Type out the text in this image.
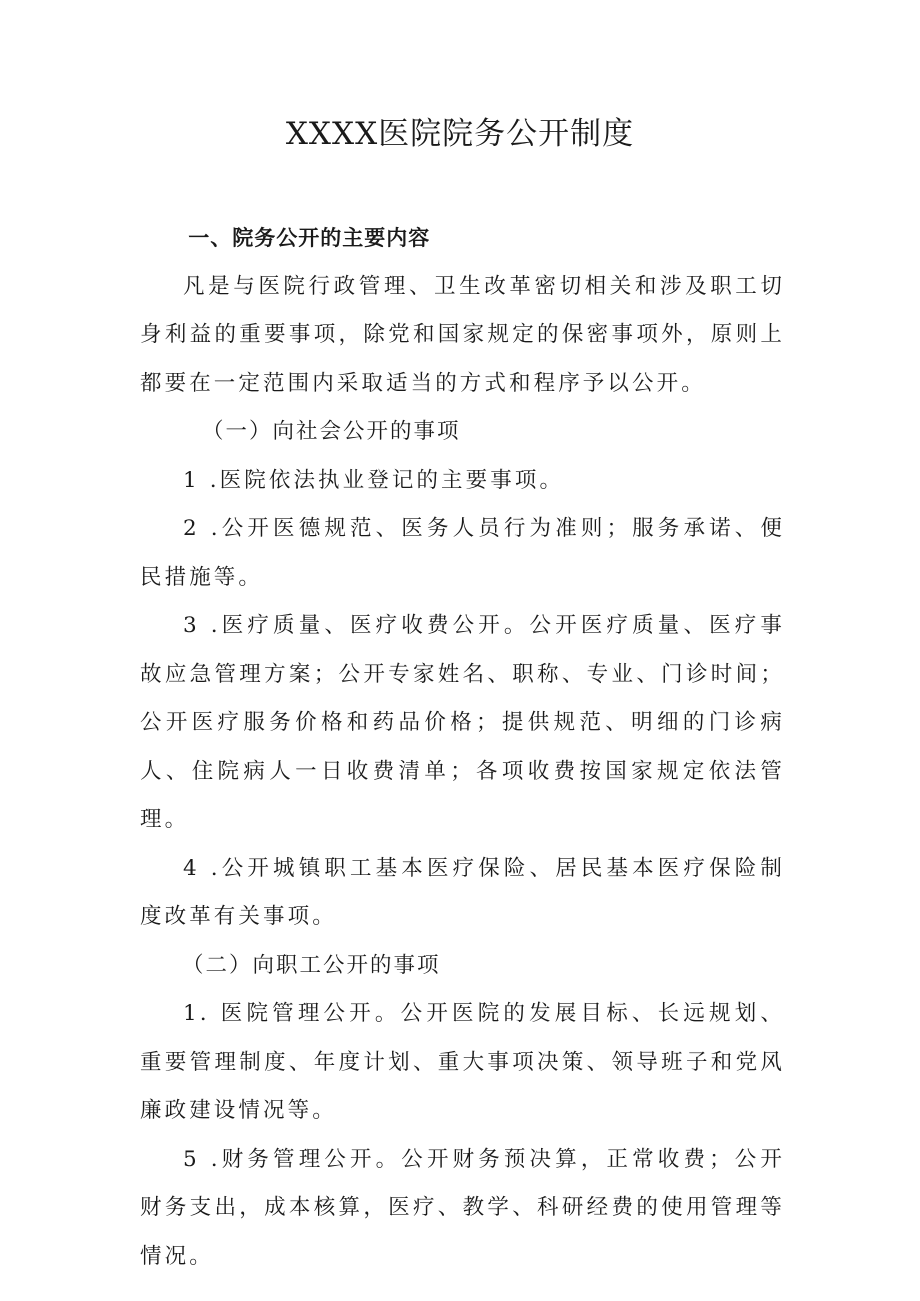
XXXX医院院务公开制度

一、院务公开的主要内容

凡是与医院行政管理、卫生改革密切相关和涉及职工切身利益的重要事项，除党和国家规定的保密事项外，原则上都要在一定范围内采取适当的方式和程序予以公开。

（一）向社会公开的事项

1 .医院依法执业登记的主要事项。

2 .公开医德规范、医务人员行为准则；服务承诺、便民措施等。

3 .医疗质量、医疗收费公开。公开医疗质量、医疗事故应急管理方案；公开专家姓名、职称、专业、门诊时间；公开医疗服务价格和药品价格；提供规范、明细的门诊病人、住院病人一日收费清单；各项收费按国家规定依法管理。

4 .公开城镇职工基本医疗保险、居民基本医疗保险制度改革有关事项。

（二）向职工公开的事项

1. 医院管理公开。公开医院的发展目标、长远规划、重要管理制度、年度计划、重大事项决策、领导班子和党风廉政建设情况等。

5 .财务管理公开。公开财务预决算，正常收费；公开财务支出，成本核算，医疗、教学、科研经费的使用管理等情况。
